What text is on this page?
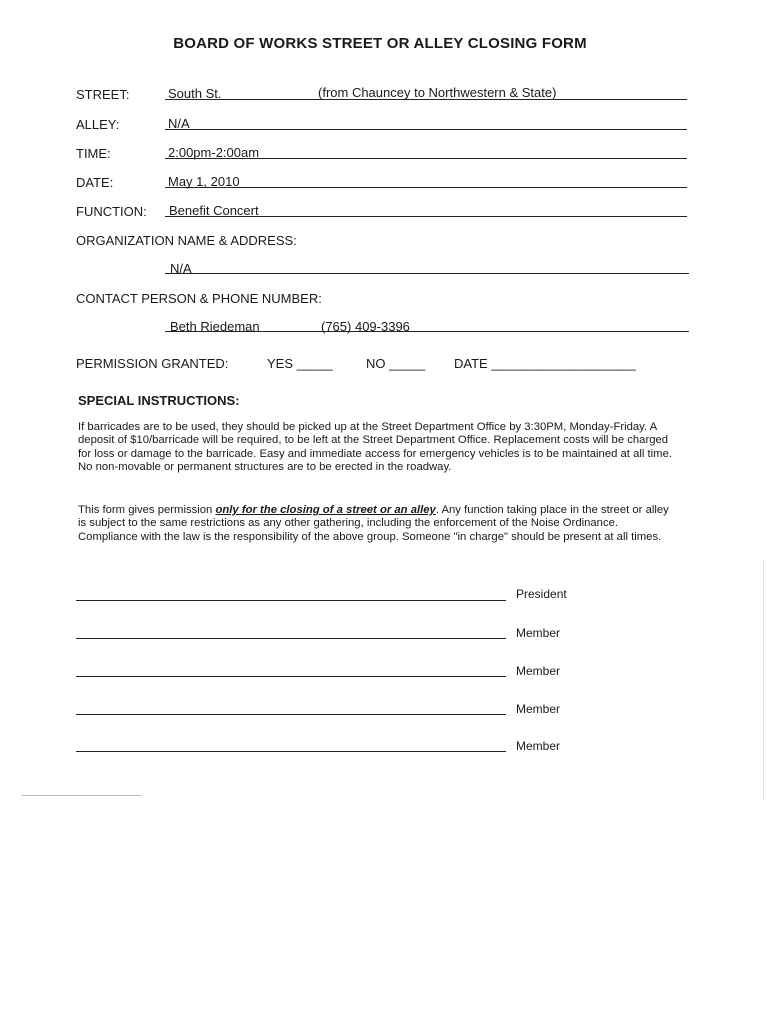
BOARD OF WORKS STREET OR ALLEY CLOSING FORM
STREET:	South St.	(from Chauncey to Northwestern & State)
ALLEY:	N/A
TIME:	2:00pm-2:00am
DATE:	May 1, 2010
FUNCTION: Benefit Concert
ORGANIZATION NAME & ADDRESS:
N/A
CONTACT PERSON & PHONE NUMBER:
Beth Riedeman	(765) 409-3396
PERMISSION GRANTED:	YES _____	NO _____ DATE ____________________
SPECIAL INSTRUCTIONS:
If barricades are to be used, they should be picked up at the Street Department Office by 3:30PM, Monday-Friday. A deposit of $10/barricade will be required, to be left at the Street Department Office. Replacement costs will be charged for loss or damage to the barricade. Easy and immediate access for emergency vehicles is to be maintained at all time. No non-movable or permanent structures are to be erected in the roadway.
This form gives permission only for the closing of a street or an alley. Any function taking place in the street or alley is subject to the same restrictions as any other gathering, including the enforcement of the Noise Ordinance. Compliance with the law is the responsibility of the above group. Someone "in charge" should be present at all times.
President
Member
Member
Member
Member
